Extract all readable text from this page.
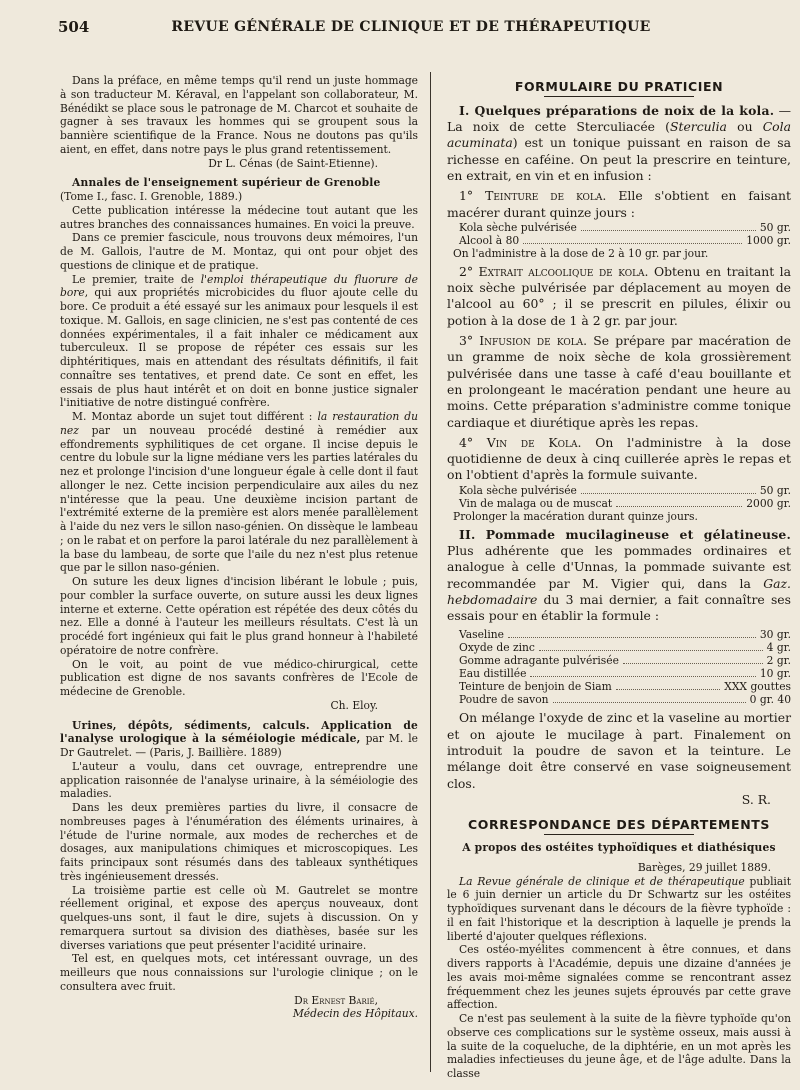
504	REVUE GÉNÉRALE DE CLINIQUE ET DE THÉRAPEUTIQUE

Dans la préface, en même temps qu'il rend un juste hommage à son traducteur M. Kéraval, en l'appelant son collaborateur, M. Bénédikt se place sous le patronage de M. Charcot et souhaite de gagner à ses travaux les hommes qui se groupent sous la bannière scientifique de la France. Nous ne doutons pas qu'ils aient, en effet, dans notre pays le plus grand retentissement.

Dr L. Cénas (de Saint-Etienne).

Annales de l'enseignement supérieur de Grenoble

(Tome I., fasc. I. Grenoble, 1889.)

Cette publication intéresse la médecine tout autant que les autres branches des connaissances humaines. En voici la preuve.

Dans ce premier fascicule, nous trouvons deux mémoires, l'un de M. Gallois, l'autre de M. Montaz, qui ont pour objet des questions de clinique et de pratique.

Le premier, traite de l'emploi thérapeutique du fluorure de bore, qui aux propriétés microbicides du fluor ajoute celle du bore. Ce produit a été essayé sur les animaux pour lesquels il est toxique. M. Gallois, en sage clinicien, ne s'est pas contenté de ces données expérimentales, il a fait inhaler ce médicament aux tuberculeux. Il se propose de répéter ces essais sur les diphtéritiques, mais en attendant des résultats définitifs, il fait connaître ses tentatives, et prend date. Ce sont en effet, les essais de plus haut intérêt et on doit en bonne justice signaler l'initiative de notre distingué confrère.

M. Montaz aborde un sujet tout différent : la restauration du nez par un nouveau procédé destiné à remédier aux effondrements syphilitiques de cet organe. Il incise depuis le centre du lobule sur la ligne médiane vers les parties latérales du nez et prolonge l'incision d'une longueur égale à celle dont il faut allonger le nez. Cette incision perpendiculaire aux ailes du nez n'intéresse que la peau. Une deuxième incision partant de l'extrémité externe de la première est alors menée parallèlement à l'aide du nez vers le sillon naso-génien. On dissèque le lambeau ; on le rabat et on perfore la paroi latérale du nez parallèlement à la base du lambeau, de sorte que l'aile du nez n'est plus retenue que par le sillon naso-génien.

On suture les deux lignes d'incision libérant le lobule ; puis, pour combler la surface ouverte, on suture aussi les deux lignes interne et externe. Cette opération est répétée des deux côtés du nez. Elle a donné à l'auteur les meilleurs résultats. C'est là un procédé fort ingénieux qui fait le plus grand honneur à l'habileté opératoire de notre confrère.

On le voit, au point de vue médico-chirurgical, cette publication est digne de nos savants confrères de l'Ecole de médecine de Grenoble.

Ch. Eloy.

Urines, dépôts, sédiments, calculs. Application de l'analyse urologique à la séméiologie médicale, par M. le Dr Gautrelet. — (Paris, J. Baillière. 1889)

L'auteur a voulu, dans cet ouvrage, entreprendre une application raisonnée de l'analyse urinaire, à la séméiologie des maladies.

Dans les deux premières parties du livre, il consacre de nombreuses pages à l'énumération des éléments urinaires, à l'étude de l'urine normale, aux modes de recherches et de dosages, aux manipulations chimiques et microscopiques. Les faits principaux sont résumés dans des tableaux synthétiques très ingénieusement dressés.

La troisième partie est celle où M. Gautrelet se montre réellement original, et expose des aperçus nouveaux, dont quelques-uns sont, il faut le dire, sujets à discussion. On y remarquera surtout sa division des diathèses, basée sur les diverses variations que peut présenter l'acidité urinaire.

Tel est, en quelques mots, cet intéressant ouvrage, un des meilleurs que nous connaissions sur l'urologie clinique ; on le consultera avec fruit.

Dr Ernest Barié,

Médecin des Hôpitaux.

FORMULAIRE DU PRATICIEN

I. Quelques préparations de noix de la kola. — La noix de cette Sterculiacée (Sterculia ou Cola acuminata) est un tonique puissant en raison de sa richesse en caféine. On peut la prescrire en teinture, en extrait, en vin et en infusion :

1° Teinture de kola. Elle s'obtient en faisant macérer durant quinze jours :

Kola sèche pulvérisée	50 gr.
Alcool à 80	1000 gr.

On l'administre à la dose de 2 à 10 gr. par jour.

2° Extrait alcoolique de kola. Obtenu en traitant la noix sèche pulvérisée par déplacement au moyen de l'alcool au 60° ; il se prescrit en pilules, élixir ou potion à la dose de 1 à 2 gr. par jour.

3° Infusion de kola. Se prépare par macération de un gramme de noix sèche de kola grossièrement pulvérisée dans une tasse à café d'eau bouillante et en prolongeant le macération pendant une heure au moins. Cette préparation s'administre comme tonique cardiaque et diurétique après les repas.

4° Vin de Kola. On l'administre à la dose quotidienne de deux à cinq cuillerée après le repas et on l'obtient d'après la formule suivante.

Kola sèche pulvérisée	50 gr.
Vin de malaga ou de muscat	2000 gr.

Prolonger la macération durant quinze jours.

II. Pommade mucilagineuse et gélatineuse. Plus adhérente que les pommades ordinaires et analogue à celle d'Unnas, la pommade suivante est recommandée par M. Vigier qui, dans la Gaz. hebdomadaire du 3 mai dernier, a fait connaître ses essais pour en établir la formule :

Vaseline	30 gr.
Oxyde de zinc	4 gr.
Gomme adragante pulvérisée	2 gr.
Eau distillée	10 gr.
Teinture de benjoin de Siam	XXX gouttes
Poudre de savon	0 gr. 40

On mélange l'oxyde de zinc et la vaseline au mortier et on ajoute le mucilage à part. Finalement on introduit la poudre de savon et la teinture. Le mélange doit être conservé en vase soigneusement clos.

S. R.

CORRESPONDANCE DES DÉPARTEMENTS

A propos des ostéites typhoïdiques et diathésiques

Barèges, 29 juillet 1889.

La Revue générale de clinique et de thérapeutique publiait le 6 juin dernier un article du Dr Schwartz sur les ostéites typhoïdiques survenant dans le décours de la fièvre typhoïde : il en fait l'historique et la description à laquelle je prends la liberté d'ajouter quelques réflexions.

Ces ostéo-myélites commencent à être connues, et dans divers rapports à l'Académie, depuis une dizaine d'années je les avais moi-même signalées comme se rencontrant assez fréquemment chez les jeunes sujets éprouvés par cette grave affection.

Ce n'est pas seulement à la suite de la fièvre typhoïde qu'on observe ces complications sur le système osseux, mais aussi à la suite de la coqueluche, de la diphtérie, en un mot après les maladies infectieuses du jeune âge, et de l'âge adulte. Dans la classe
